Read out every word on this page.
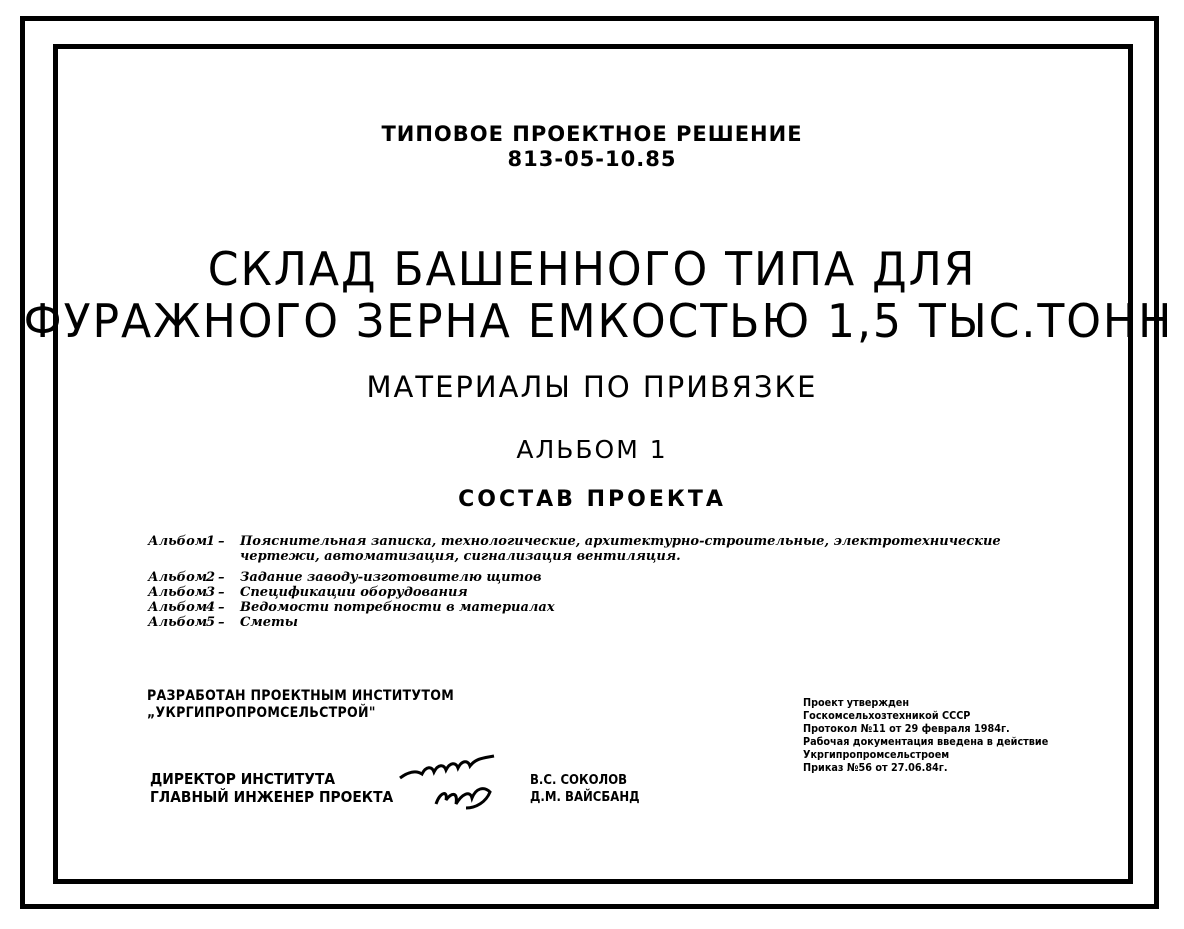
ТИПОВОЕ ПРОЕКТНОЕ РЕШЕНИЕ
813-05-10.85
СКЛАД БАШЕННОГО ТИПА ДЛЯ
ФУРАЖНОГО ЗЕРНА ЕМКОСТЬЮ 1,5 ТЫС.ТОНН
МАТЕРИАЛЫ ПО ПРИВЯЗКЕ
АЛЬБОМ 1
СОСТАВ ПРОЕКТА
Альбом
1 –	Пояснительная записка, технологические, архитектурно-строительные, электротехнические
чертежи, автоматизация, сигнализация вентиляция.
Альбом
2 –	Задание заводу-изготовителю щитов
Альбом
3 –	Спецификации оборудования
Альбом
4 –	Ведомости потребности в материалах
Альбом
5 –	Сметы
РАЗРАБОТАН ПРОЕКТНЫМ ИНСТИТУТОМ
„УКРГИПРОПРОМСЕЛЬСТРОЙ"
ДИРЕКТОР ИНСТИТУТА
ГЛАВНЫЙ ИНЖЕНЕР ПРОЕКТА
В.С. СОКОЛОВ
Д.М. ВАЙСБАНД
Проект утвержден
Госкомсельхозтехникой СССР
Протокол №11 от 29 февраля 1984г.
Рабочая документация введена в действие
Укргипропромсельстроем
Приказ №56 от 27.06.84г.
